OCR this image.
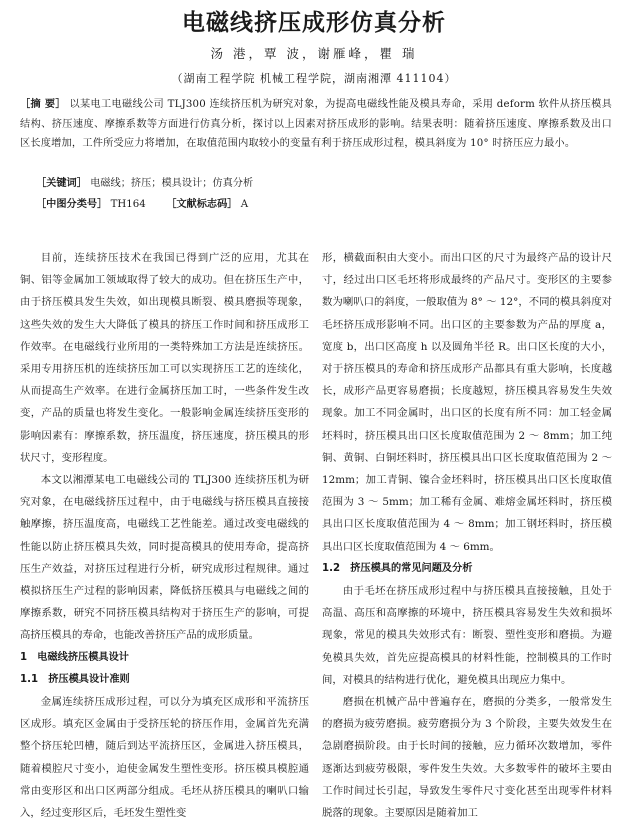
电磁线挤压成形仿真分析
汤 港，覃 波，谢雁峰，瞿 瑞
（湖南工程学院 机械工程学院，湖南湘潭 411104）
［摘 要］ 以某电工电磁线公司 TLJ300 连续挤压机为研究对象，为提高电磁线性能及模具寿命，采用 deform 软件从挤压模具结构、挤压速度、摩擦系数等方面进行仿真分析，探讨以上因素对挤压成形的影响。结果表明：随着挤压速度、摩擦系数及出口区长度增加，工件所受应力将增加，在取值范围内取较小的变量有利于挤压成形过程，模具斜度为 10° 时挤压应力最小。
［关键词］ 电磁线；挤压；模具设计；仿真分析
［中图分类号］ TH164 ［文献标志码］ A

目前，连续挤压技术在我国已得到广泛的应用，尤其在铜、铝等金属加工领域取得了较大的成功。但在挤压生产中，由于挤压模具发生失效，如出现模具断裂、模具磨损等现象，这些失效的发生大大降低了模具的挤压工作时间和挤压成形工作效率。在电磁线行业所用的一类特殊加工方法是连续挤压。采用专用挤压机的连续挤压加工可以实现挤压工艺的连续化，从而提高生产效率。在进行金属挤压加工时，一些条件发生改变，产品的质量也将发生变化。一般影响金属连续挤压变形的影响因素有：摩擦系数，挤压温度，挤压速度，挤压模具的形状尺寸，变形程度。

本文以湘潭某电工电磁线公司的 TLJ300 连续挤压机为研究对象，在电磁线挤压过程中，由于电磁线与挤压模具直接接触摩擦，挤压温度高，电磁线工艺性能差。通过改变电磁线的性能以防止挤压模具失效，同时提高模具的使用寿命，提高挤压生产效益，对挤压过程进行分析，研究成形过程规律。通过模拟挤压生产过程的影响因素，降低挤压模具与电磁线之间的摩擦系数，研究不同挤压模具结构对于挤压生产的影响，可提高挤压模具的寿命，也能改善挤压产品的成形质量。

1　电磁线挤压模具设计

1.1　挤压模具设计准则

金属连续挤压成形过程，可以分为填充区成形和平流挤压区成形。填充区金属由于受挤压轮的挤压作用，金属首先充满整个挤压轮凹槽，随后到达平流挤压区，金属进入挤压模具，随着模腔尺寸变小，迫使金属发生塑性变形。挤压模具模腔通常由变形区和出口区两部分组成。毛坯从挤压模具的喇叭口输入，经过变形区后，毛坯发生塑性变

形，横截面积由大变小。而出口区的尺寸为最终产品的设计尺寸，经过出口区毛坯将形成最终的产品尺寸。变形区的主要参数为喇叭口的斜度，一般取值为 8° ～ 12°，不同的模具斜度对毛坯挤压成形影响不同。出口区的主要参数为产品的厚度 a，宽度 b，出口区高度 h 以及圆角半径 R。出口区长度的大小，对于挤压模具的寿命和挤压成形产品都具有重大影响，长度越长，成形产品更容易磨损；长度越短，挤压模具容易发生失效现象。加工不同金属时，出口区的长度有所不同：加工轻金属坯料时，挤压模具出口区长度取值范围为 2 ～ 8mm；加工纯铜、黄铜、白铜坯料时，挤压模具出口区长度取值范围为 2 ～ 12mm；加工青铜、镍合金坯料时，挤压模具出口区长度取值范围为 3 ～ 5mm；加工稀有金属、难熔金属坯料时，挤压模具出口区长度取值范围为 4 ～ 8mm；加工钢坯料时，挤压模具出口区长度取值范围为 4 ～ 6mm。

1.2　挤压模具的常见问题及分析

由于毛坯在挤压成形过程中与挤压模具直接接触，且处于高温、高压和高摩擦的环境中，挤压模具容易发生失效和损坏现象，常见的模具失效形式有：断裂、塑性变形和磨损。为避免模具失效，首先应提高模具的材料性能，控制模具的工作时间，对模具的结构进行优化，避免模具出现应力集中。

磨损在机械产品中普遍存在，磨损的分类多，一般常发生的磨损为疲劳磨损。疲劳磨损分为 3 个阶段，主要失效发生在急剧磨损阶段。由于长时间的接触，应力循环次数增加，零件逐渐达到疲劳极限，零件发生失效。大多数零件的破坏主要由工作时间过长引起，导致发生零件尺寸变化甚至出现零件材料脱落的现象。主要原因是随着加工
